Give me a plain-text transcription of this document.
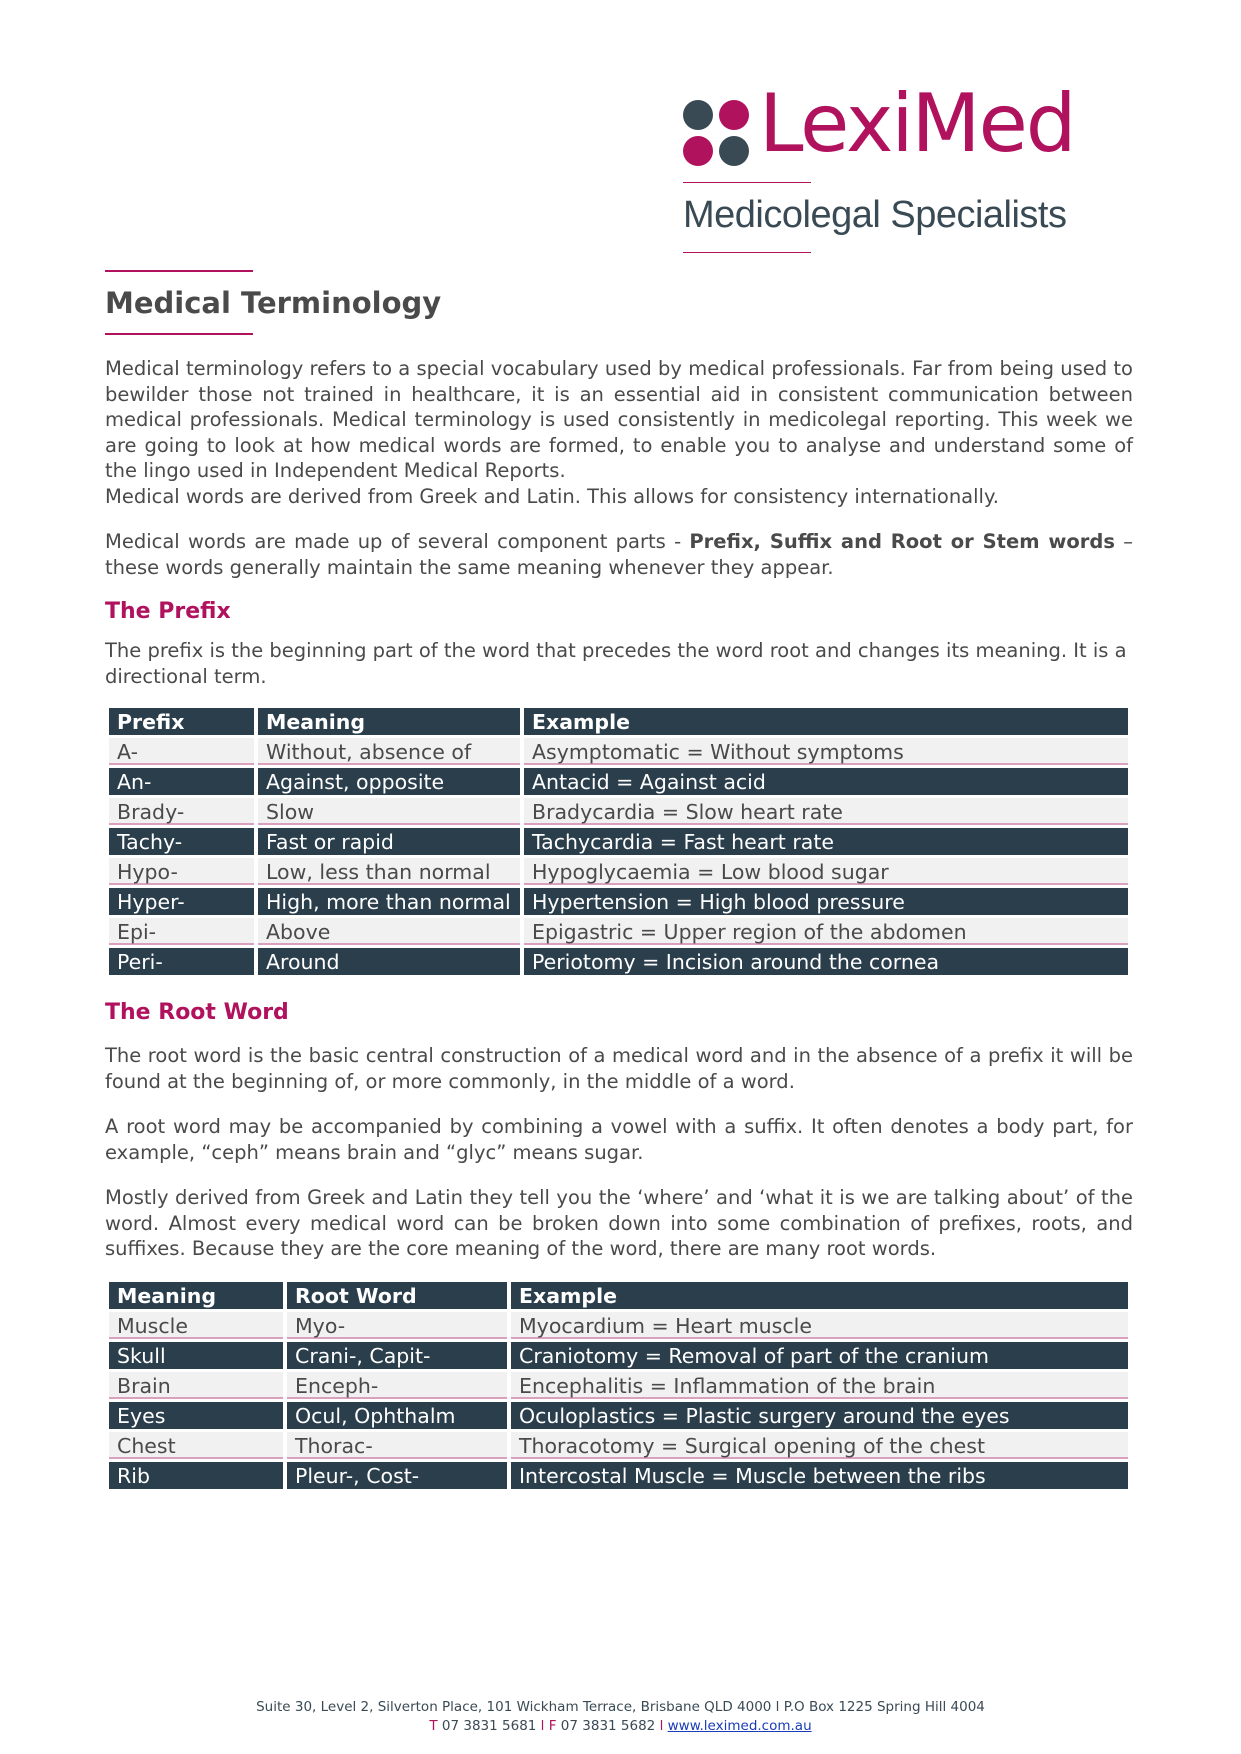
LexiMed
Medicolegal Specialists
Medical Terminology

Medical terminology refers to a special vocabulary used by medical professionals. Far from being used to bewilder those not trained in healthcare, it is an essential aid in consistent communication between medical professionals. Medical terminology is used consistently in medicolegal reporting. This week we are going to look at how medical words are formed, to enable you to analyse and understand some of the lingo used in Independent Medical Reports.

Medical words are derived from Greek and Latin. This allows for consistency internationally.

Medical words are made up of several component parts - Prefix, Suffix and Root or Stem words – these words generally maintain the same meaning whenever they appear.

The Prefix

The prefix is the beginning part of the word that precedes the word root and changes its meaning. It is a directional term.

Prefix	Meaning	Example
A-	Without, absence of	Asymptomatic = Without symptoms
An-	Against, opposite	Antacid = Against acid
Brady-	Slow	Bradycardia = Slow heart rate
Tachy-	Fast or rapid	Tachycardia = Fast heart rate
Hypo-	Low, less than normal	Hypoglycaemia = Low blood sugar
Hyper-	High, more than normal	Hypertension = High blood pressure
Epi-	Above	Epigastric = Upper region of the abdomen
Peri-	Around	Periotomy = Incision around the cornea
The Root Word

The root word is the basic central construction of a medical word and in the absence of a prefix it will be found at the beginning of, or more commonly, in the middle of a word.

A root word may be accompanied by combining a vowel with a suffix. It often denotes a body part, for example, “ceph” means brain and “glyc” means sugar.

Mostly derived from Greek and Latin they tell you the ‘where’ and ‘what it is we are talking about’ of the word. Almost every medical word can be broken down into some combination of prefixes, roots, and suffixes. Because they are the core meaning of the word, there are many root words.

Meaning	Root Word	Example
Muscle	Myo-	Myocardium = Heart muscle
Skull	Crani-, Capit-	Craniotomy = Removal of part of the cranium
Brain	Enceph-	Encephalitis = Inflammation of the brain
Eyes	Ocul, Ophthalm	Oculoplastics = Plastic surgery around the eyes
Chest	Thorac-	Thoracotomy = Surgical opening of the chest
Rib	Pleur-, Cost-	Intercostal Muscle = Muscle between the ribs
Suite 30, Level 2, Silverton Place, 101 Wickham Terrace, Brisbane QLD 4000 l P.O Box 1225 Spring Hill 4004
T 07 3831 5681 l F 07 3831 5682 l www.leximed.com.au
